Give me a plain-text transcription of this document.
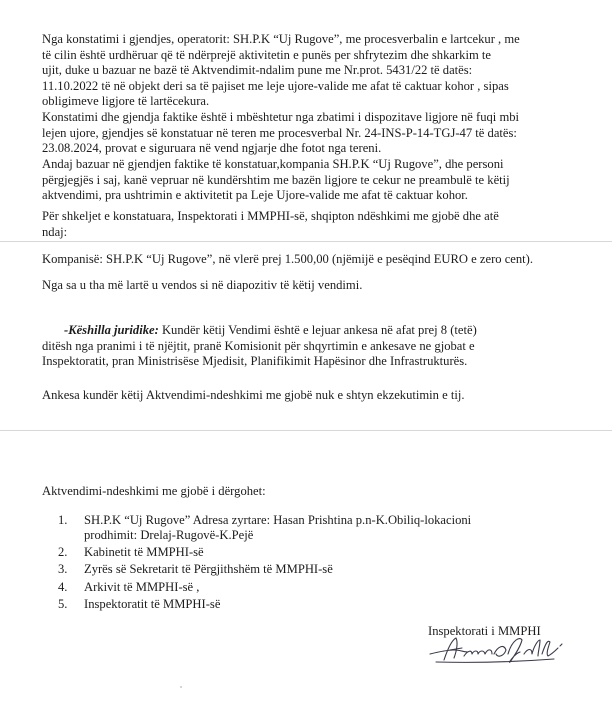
Nga konstatimi i gjendjes, operatorit: SH.P.K “Uj Rugove”, me procesverbalin e lartcekur , me
të cilin është urdhëruar që të ndërprejë aktivitetin e punës per shfrytezim dhe shkarkim te
ujit, duke u bazuar ne bazë të Aktvendimit-ndalim pune me Nr.prot. 5431/22 të datës:
11.10.2022 të në objekt deri sa të pajiset me leje ujore-valide me afat të caktuar kohor , sipas
obligimeve ligjore të lartëcekura.
Konstatimi dhe gjendja faktike është i mbështetur nga zbatimi i dispozitave ligjore në fuqi mbi
lejen ujore, gjendjes së konstatuar në teren me procesverbal Nr. 24-INS-P-14-TGJ-47 të datës:
23.08.2024, provat e siguruara në vend ngjarje dhe fotot nga tereni.
Andaj bazuar në gjendjen faktike të konstatuar,kompania SH.P.K “Uj Rugove”, dhe personi
përgjegjës i saj, kanë vepruar në kundërshtim me bazën ligjore te cekur ne preambulë te këtij
aktvendimi, pra ushtrimin e aktivitetit pa Leje Ujore-valide me afat të caktuar kohor.
Për shkeljet e konstatuara, Inspektorati i MMPHI-së, shqipton ndëshkimi me gjobë dhe atë
ndaj:
Kompanisë: SH.P.K “Uj Rugove”, në vlerë prej 1.500,00 (njëmijë e pesëqind EURO e zero cent).
Nga sa u tha më lartë u vendos si në diapozitiv të këtij vendimi.
-Këshilla juridike: Kundër këtij Vendimi është e lejuar ankesa në afat prej 8 (tetë)
ditësh nga pranimi i të njëjtit, pranë Komisionit për shqyrtimin e ankesave ne gjobat e
Inspektoratit, pran Ministrisëse Mjedisit, Planifikimit Hapësinor dhe Infrastrukturës.
Ankesa kundër këtij Aktvendimi-ndeshkimi me gjobë nuk e shtyn ekzekutimin e tij.
Aktvendimi-ndeshkimi me gjobë i dërgohet:
1. SH.P.K “Uj Rugove” Adresa zyrtare: Hasan Prishtina p.n-K.Obiliq-lokacioni
prodhimit: Drelaj-Rugovë-K.Pejë
2. Kabinetit të MMPHI-së
3. Zyrës së Sekretarit të Përgjithshëm të MMPHI-së
4. Arkivit të MMPHI-së ,
5. Inspektoratit të MMPHI-së
Inspektorati i MMPHI
